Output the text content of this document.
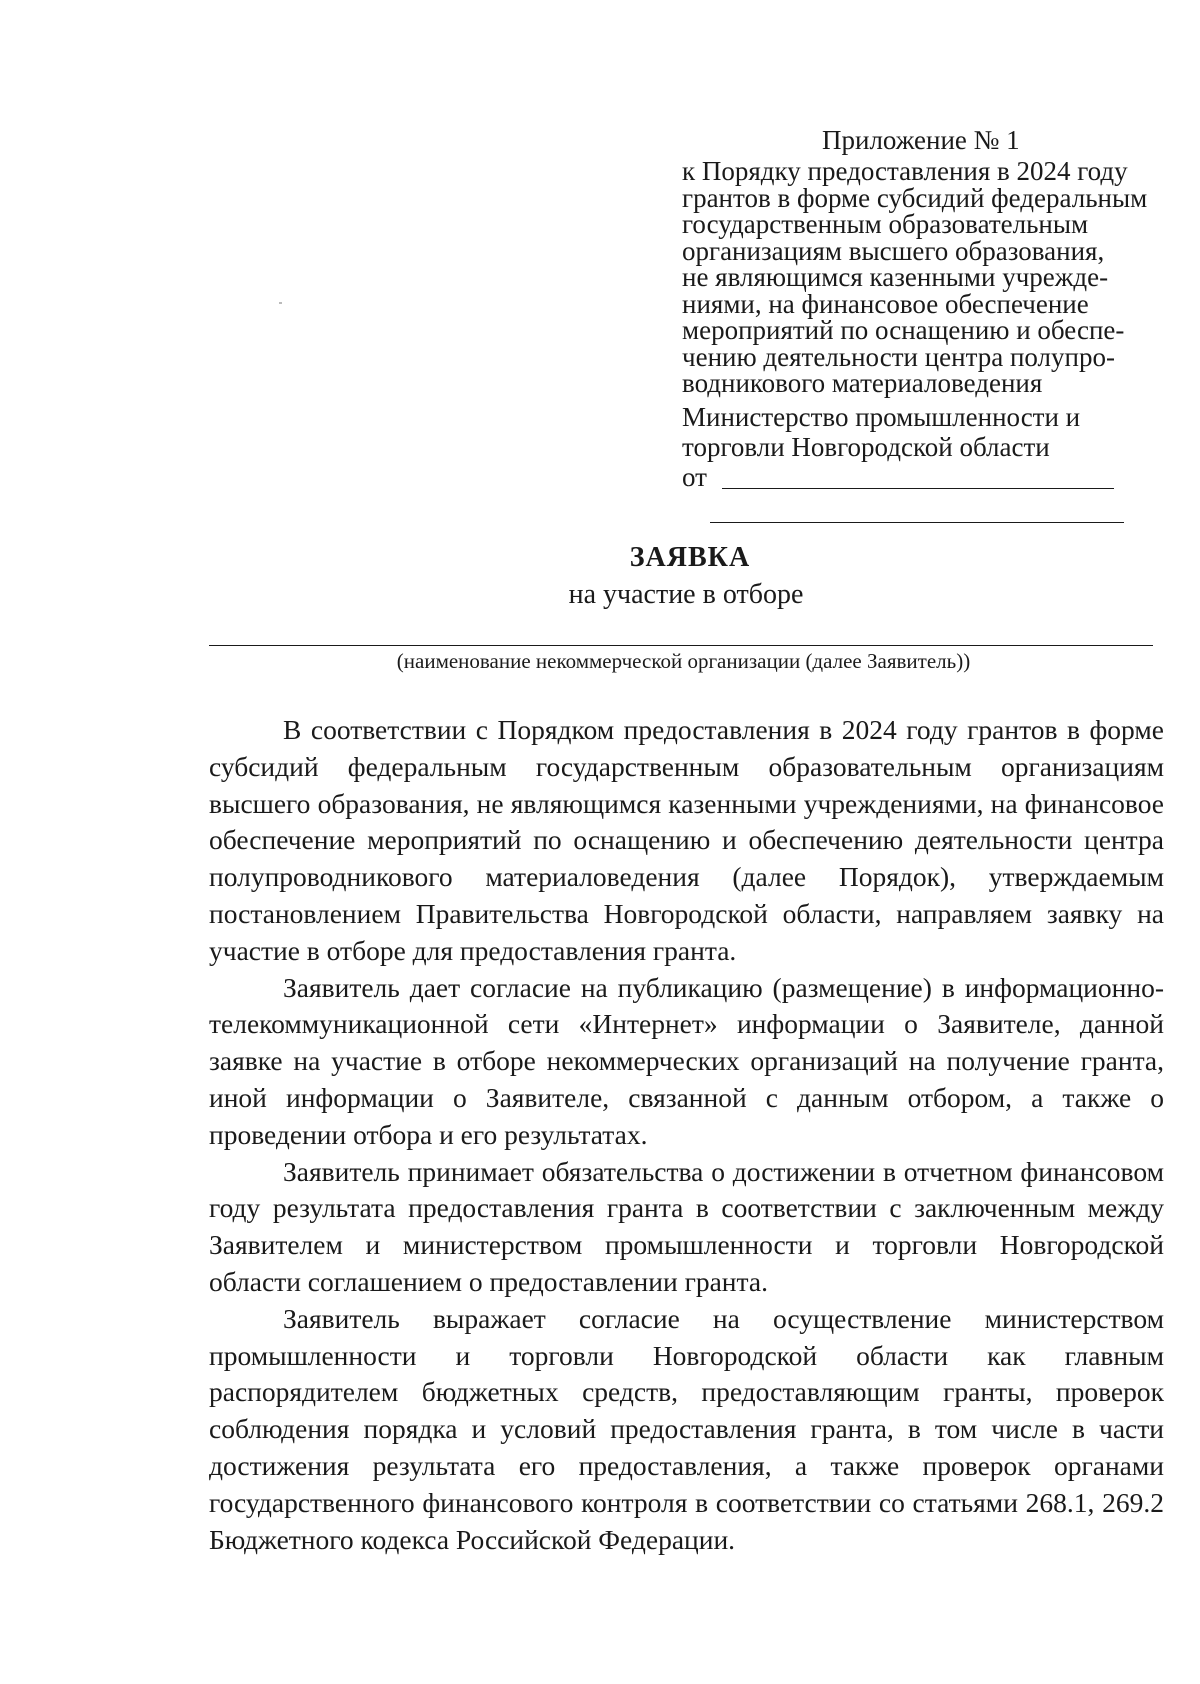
Приложение № 1
к Порядку предоставления в 2024 году
грантов в форме субсидий федеральным
государственным образовательным
организациям высшего образования,
не являющимся казенными учрежде-
ниями, на финансовое обеспечение
мероприятий по оснащению и обеспе-
чению деятельности центра полупро-
водникового материаловедения
Министерство промышленности и
торговли Новгородской области
от
ЗАЯВКА
на участие в отборе
(наименование некоммерческой организации (далее Заявитель))

В соответствии с Порядком предоставления в 2024 году грантов в форме субсидий федеральным государственным образовательным организациям высшего образования, не являющимся казенными учреждениями, на финансовое обеспечение мероприятий по оснащению и обеспечению деятельности центра полупроводникового материаловедения (далее Порядок), утверждаемым постановлением Правительства Новгородской области, направляем заявку на участие в отборе для предоставления гранта.

Заявитель дает согласие на публикацию (размещение) в информационно-телекоммуникационной сети «Интернет» информации о Заявителе, данной заявке на участие в отборе некоммерческих организаций на получение гранта, иной информации о Заявителе, связанной с данным отбором, а также о проведении отбора и его результатах.

Заявитель принимает обязательства о достижении в отчетном финансовом году результата предоставления гранта в соответствии с заключенным между Заявителем и министерством промышленности и торговли Новгородской области соглашением о предоставлении гранта.

Заявитель выражает согласие на осуществление министерством промышленности и торговли Новгородской области как главным распорядителем бюджетных средств, предоставляющим гранты, проверок соблюдения порядка и условий предоставления гранта, в том числе в части достижения результата его предоставления, а также проверок органами государственного финансового контроля в соответствии со статьями 268.1, 269.2 Бюджетного кодекса Российской Федерации.
